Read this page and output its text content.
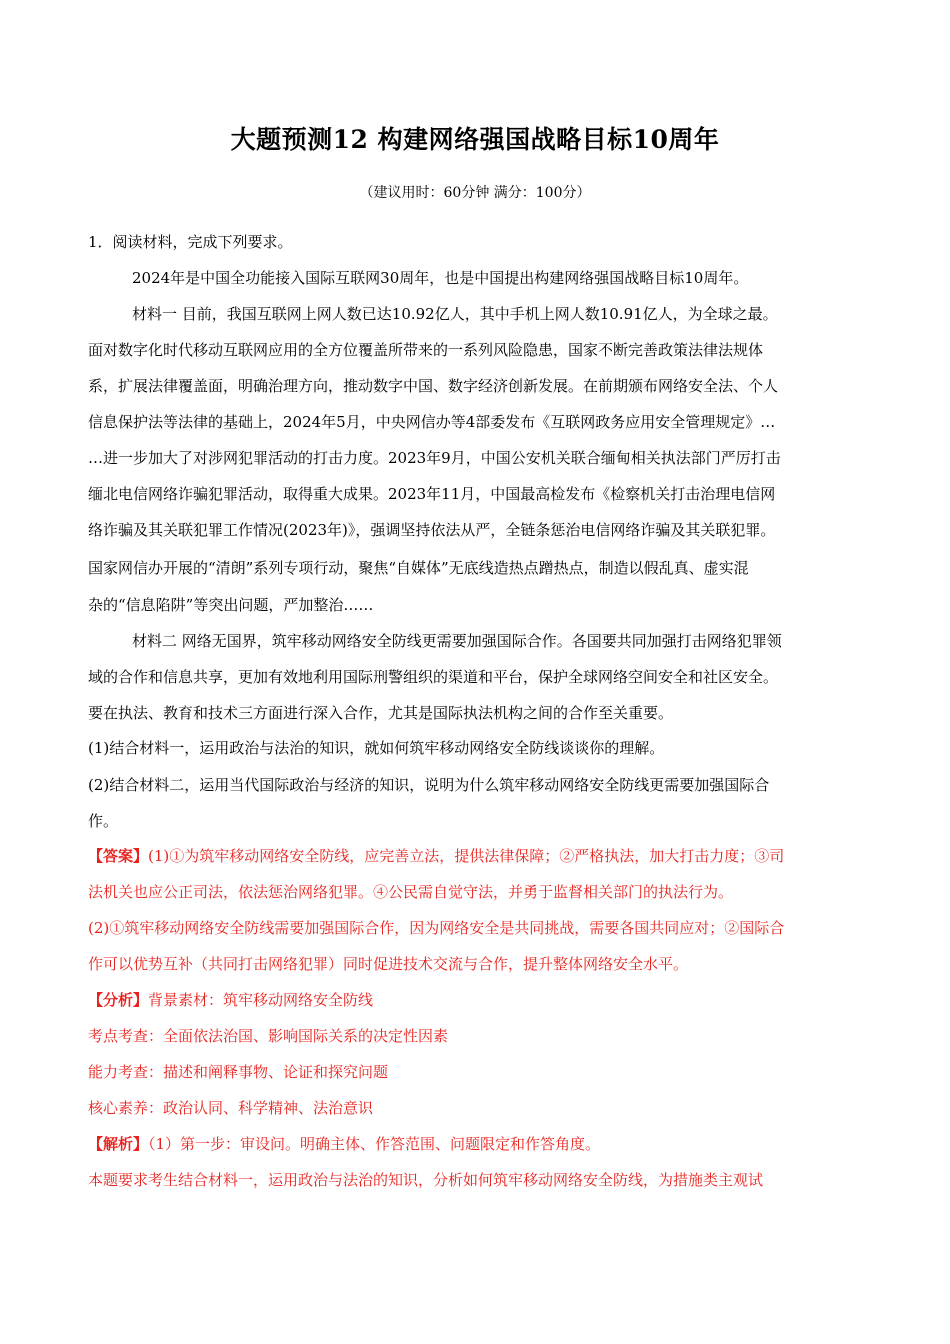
大题预测12 构建网络强国战略目标10周年
（建议用时：60分钟 满分：100分）
1．阅读材料，完成下列要求。
2024年是中国全功能接入国际互联网30周年，也是中国提出构建网络强国战略目标10周年。
材料一 目前，我国互联网上网人数已达10.92亿人，其中手机上网人数10.91亿人，为全球之最。
面对数字化时代移动互联网应用的全方位覆盖所带来的一系列风险隐患，国家不断完善政策法律法规体
系，扩展法律覆盖面，明确治理方向，推动数字中国、数字经济创新发展。在前期颁布网络安全法、个人
信息保护法等法律的基础上，2024年5月，中央网信办等4部委发布《互联网政务应用安全管理规定》…
…进一步加大了对涉网犯罪活动的打击力度。2023年9月，中国公安机关联合缅甸相关执法部门严厉打击
缅北电信网络诈骗犯罪活动，取得重大成果。2023年11月，中国最高检发布《检察机关打击治理电信网
络诈骗及其关联犯罪工作情况(2023年)》，强调坚持依法从严，全链条惩治电信网络诈骗及其关联犯罪。
国家网信办开展的“清朗”系列专项行动，聚焦“自媒体”无底线造热点蹭热点，制造以假乱真、虚实混
杂的“信息陷阱”等突出问题，严加整治……
材料二 网络无国界，筑牢移动网络安全防线更需要加强国际合作。各国要共同加强打击网络犯罪领
域的合作和信息共享，更加有效地利用国际刑警组织的渠道和平台，保护全球网络空间安全和社区安全。
要在执法、教育和技术三方面进行深入合作，尤其是国际执法机构之间的合作至关重要。
(1)结合材料一，运用政治与法治的知识，就如何筑牢移动网络安全防线谈谈你的理解。
(2)结合材料二，运用当代国际政治与经济的知识，说明为什么筑牢移动网络安全防线更需要加强国际合
作。
【答案】(1)①为筑牢移动网络安全防线，应完善立法，提供法律保障；②严格执法，加大打击力度；③司
法机关也应公正司法，依法惩治网络犯罪。④公民需自觉守法，并勇于监督相关部门的执法行为。
(2)①筑牢移动网络安全防线需要加强国际合作，因为网络安全是共同挑战，需要各国共同应对；②国际合
作可以优势互补（共同打击网络犯罪）同时促进技术交流与合作，提升整体网络安全水平。
【分析】背景素材：筑牢移动网络安全防线
考点考查：全面依法治国、影响国际关系的决定性因素
能力考查：描述和阐释事物、论证和探究问题
核心素养：政治认同、科学精神、法治意识
【解析】（1）第一步：审设问。明确主体、作答范围、问题限定和作答角度。
本题要求考生结合材料一，运用政治与法治的知识，分析如何筑牢移动网络安全防线，为措施类主观试
